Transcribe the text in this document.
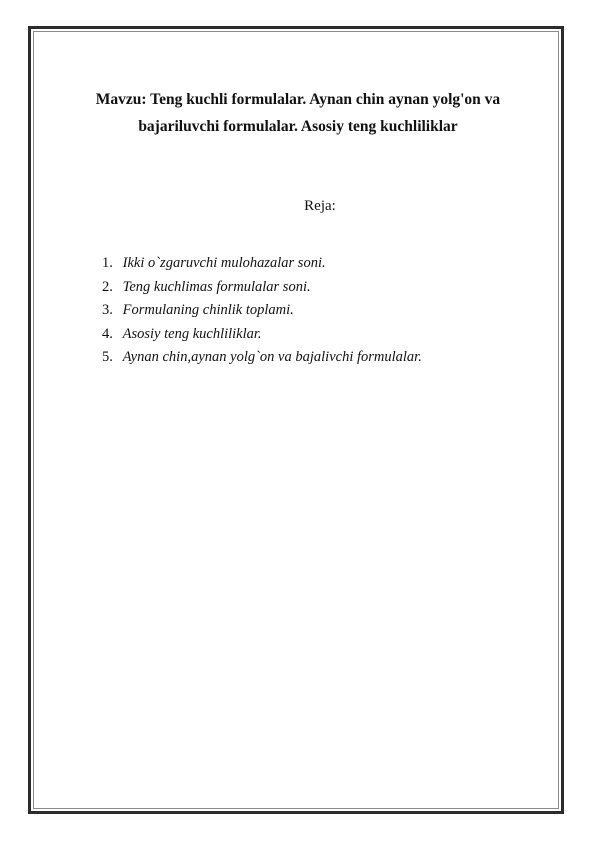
Mavzu: Teng kuchli formulalar. Aynan chin aynan yolg'on va
bajariluvchi formulalar. Asosiy teng kuchliliklar
Reja:
1. Ikki o`zgaruvchi mulohazalar soni.
2. Teng kuchlimas formulalar soni.
3. Formulaning chinlik toplami.
4. Asosiy teng kuchliliklar.
5. Aynan chin,aynan yolg`on va bajalivchi formulalar.
